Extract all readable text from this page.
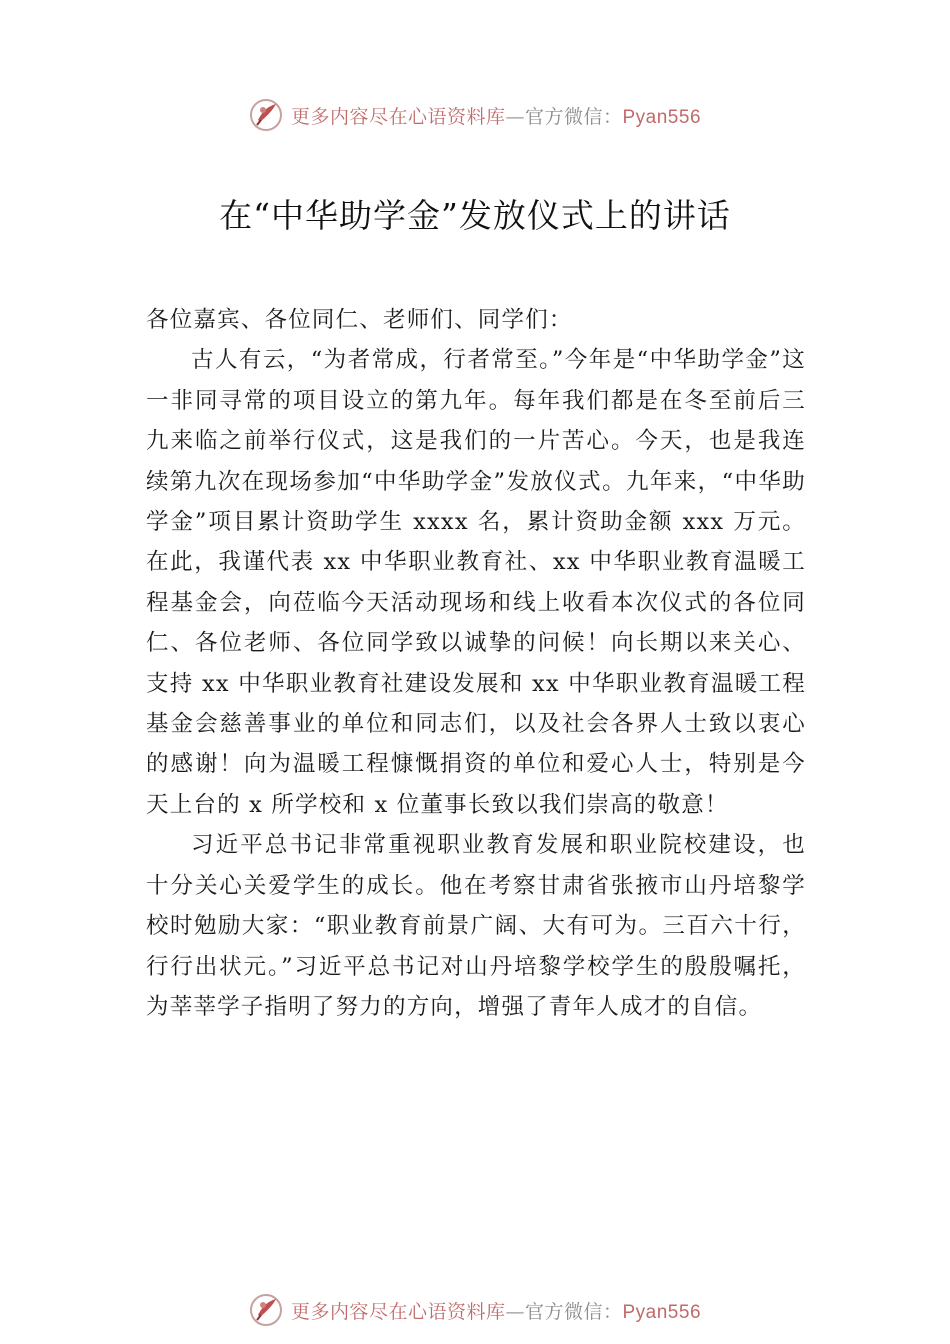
更多内容尽在心语资料库—官方微信：Pyan556
在“中华助学金”发放仪式上的讲话

各位嘉宾、各位同仁、老师们、同学们：

古人有云，“为者常成，行者常至。”今年是“中华助学金”这一非同寻常的项目设立的第九年。每年我们都是在冬至前后三九来临之前举行仪式，这是我们的一片苦心。今天，也是我连续第九次在现场参加“中华助学金”发放仪式。九年来，“中华助学金”项目累计资助学生 xxxx 名，累计资助金额 xxx 万元。在此，我谨代表 xx 中华职业教育社、xx 中华职业教育温暖工程基金会，向莅临今天活动现场和线上收看本次仪式的各位同仁、各位老师、各位同学致以诚挚的问候！向长期以来关心、支持 xx 中华职业教育社建设发展和 xx 中华职业教育温暖工程基金会慈善事业的单位和同志们，以及社会各界人士致以衷心的感谢！向为温暖工程慷慨捐资的单位和爱心人士，特别是今天上台的 x 所学校和 x 位董事长致以我们崇高的敬意！

习近平总书记非常重视职业教育发展和职业院校建设，也十分关心关爱学生的成长。他在考察甘肃省张掖市山丹培黎学校时勉励大家：“职业教育前景广阔、大有可为。三百六十行，行行出状元。”习近平总书记对山丹培黎学校学生的殷殷嘱托，为莘莘学子指明了努力的方向，增强了青年人成才的自信。

更多内容尽在心语资料库—官方微信：Pyan556
